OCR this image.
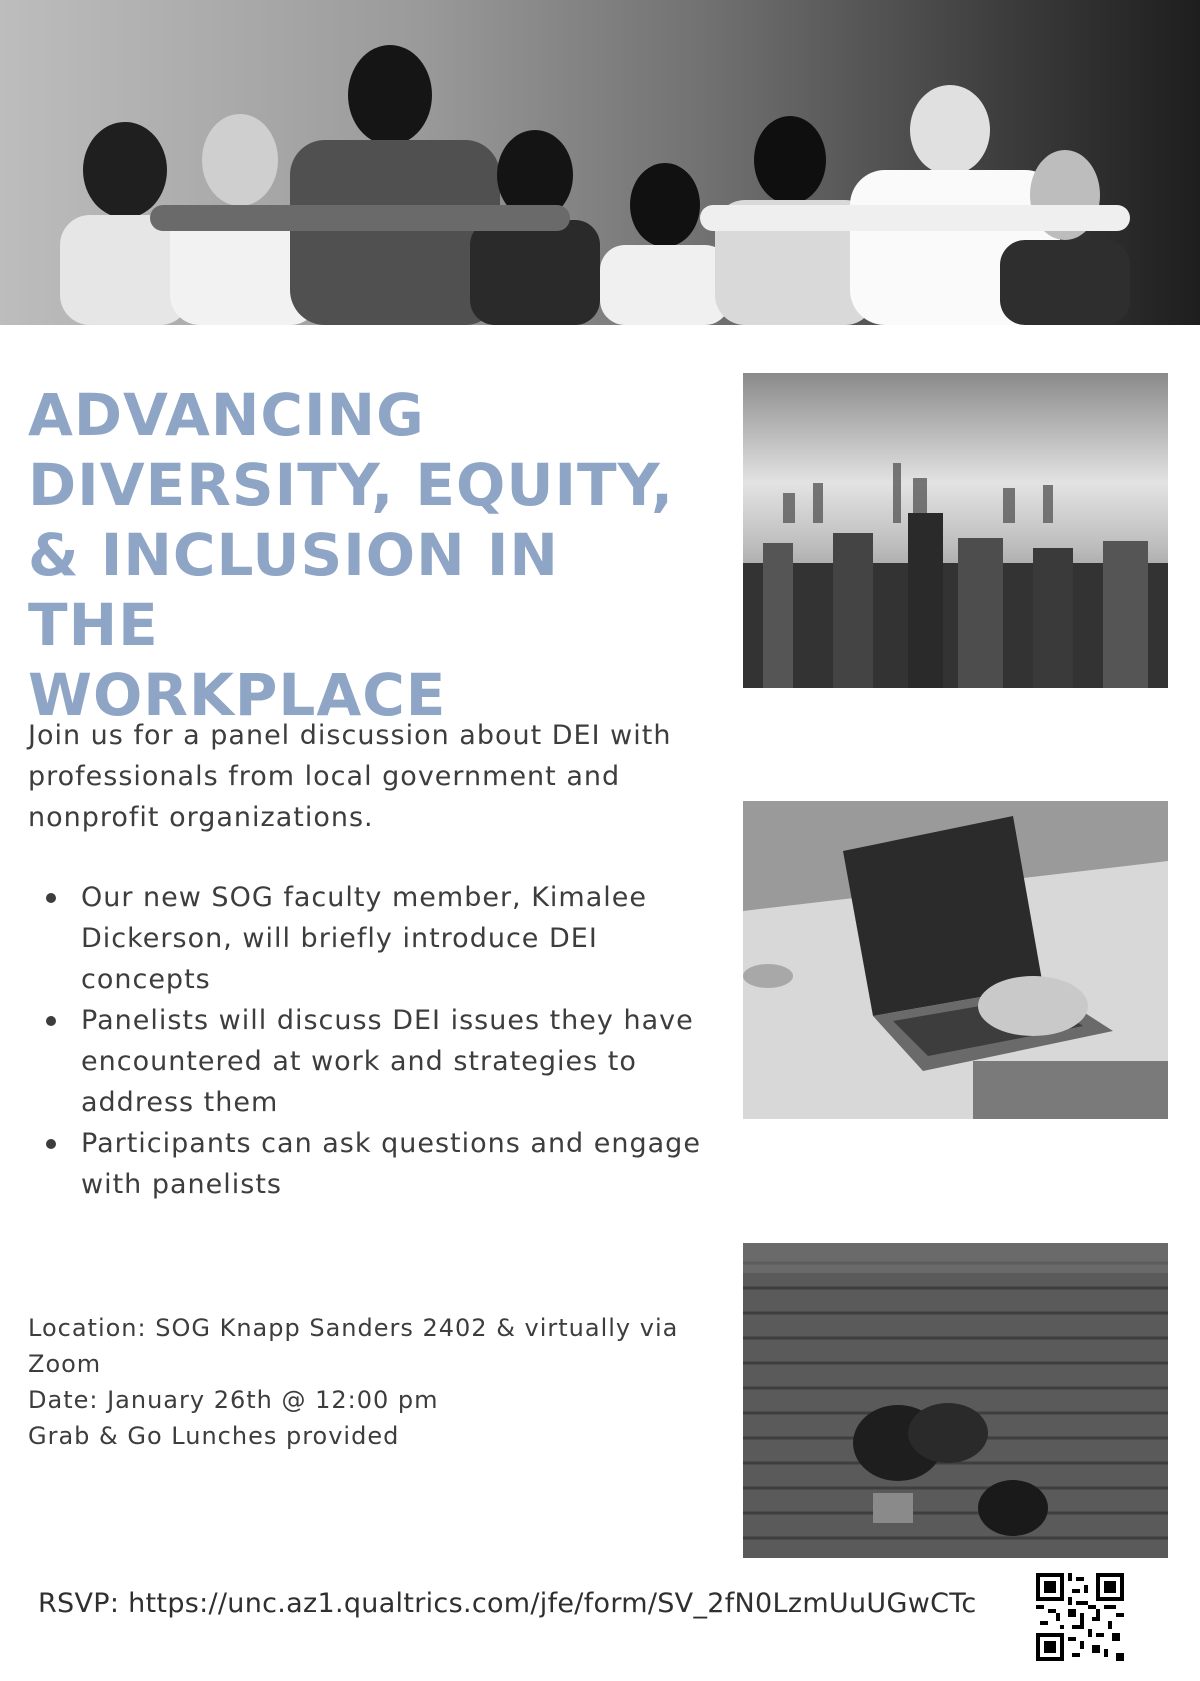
ADVANCING
DIVERSITY, EQUITY,
& INCLUSION IN THE
WORKPLACE
Join us for a panel discussion about DEI with professionals from local government and nonprofit organizations.
Our new SOG faculty member, Kimalee Dickerson, will briefly introduce DEI concepts
Panelists will discuss DEI issues they have encountered at work and strategies to address them
Participants can ask questions and engage with panelists
Location: SOG Knapp Sanders 2402 & virtually via Zoom
Date: January 26th @ 12:00 pm
Grab & Go Lunches provided
RSVP: https://unc.az1.qualtrics.com/jfe/form/SV_2fN0LzmUuUGwCTc
